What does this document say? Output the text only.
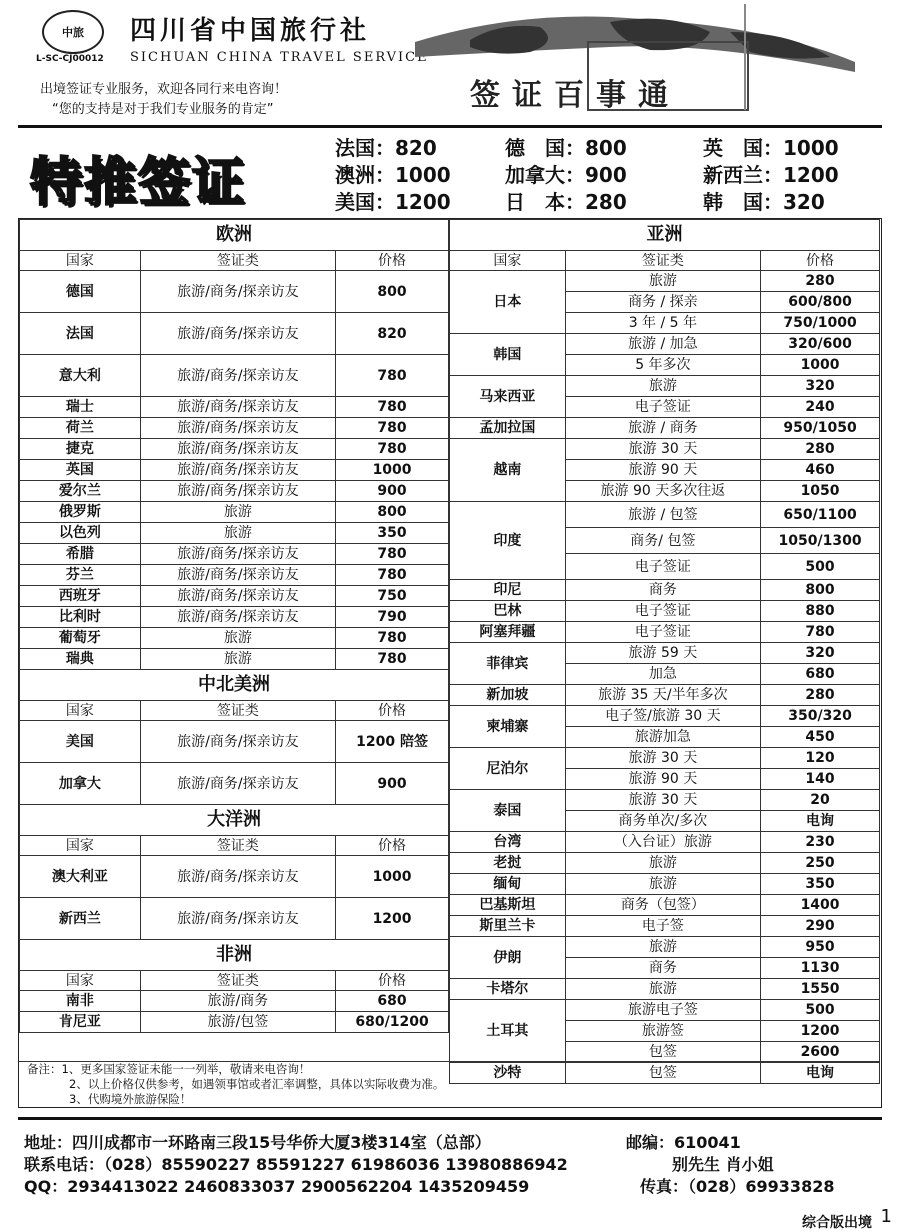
中旅
L-SC-CJ00012
四川省中国旅行社
SICHUAN CHINA TRAVEL SERVICE
出境签证专业服务，欢迎各同行来电咨询！
“您的支持是对于我们专业服务的肯定”	签证百事通
特推签证
法国：820	德　国：800	英　国：1000
澳洲：1000	加拿大：900	新西兰：1200
美国：1200	日　本：280	韩　国：320
欧洲		
国家	签证类	价格
德国	旅游/商务/探亲访友	800
法国	旅游/商务/探亲访友	820
意大利	旅游/商务/探亲访友	780
瑞士	旅游/商务/探亲访友	780
荷兰	旅游/商务/探亲访友	780
捷克	旅游/商务/探亲访友	780
英国	旅游/商务/探亲访友	1000
爱尔兰	旅游/商务/探亲访友	900
俄罗斯	旅游	800
以色列	旅游	350
希腊	旅游/商务/探亲访友	780
芬兰	旅游/商务/探亲访友	780
西班牙	旅游/商务/探亲访友	750
比利时	旅游/商务/探亲访友	790
葡萄牙	旅游	780
瑞典	旅游	780
中北美洲		
国家	签证类	价格
美国	旅游/商务/探亲访友	1200 陪签
加拿大	旅游/商务/探亲访友	900
大洋洲		
国家	签证类	价格
澳大利亚	旅游/商务/探亲访友	1000
新西兰	旅游/商务/探亲访友	1200
非洲		
国家	签证类	价格
南非	旅游/商务	680
肯尼亚	旅游/包签	680/1200
亚洲		
国家	签证类	价格
日本	旅游	280
	商务 / 探亲	600/800
	3 年 / 5 年	750/1000
韩国	旅游 / 加急	320/600
	5 年多次	1000
马来西亚	旅游	320
	电子签证	240
孟加拉国	旅游 / 商务	950/1050
越南	旅游 30 天	280
	旅游 90 天	460
	旅游 90 天多次往返	1050
印度	旅游 / 包签	650/1100
	商务/ 包签	1050/1300
	电子签证	500
印尼	商务	800
巴林	电子签证	880
阿塞拜疆	电子签证	780
菲律宾	旅游 59 天	320
	加急	680
新加坡	旅游 35 天/半年多次	280
柬埔寨	电子签/旅游 30 天	350/320
	旅游加急	450
尼泊尔	旅游 30 天	120
	旅游 90 天	140
泰国	旅游 30 天	20
	商务单次/多次	电询
台湾	（入台证）旅游	230
老挝	旅游	250
缅甸	旅游	350
巴基斯坦	商务（包签）	1400
斯里兰卡	电子签	290
伊朗	旅游	950
	商务	1130
卡塔尔	旅游	1550
土耳其	旅游电子签	500
	旅游签	1200
	包签	2600
沙特	包签	电询
备注：1、更多国家签证未能一一列举，敬请来电咨询！
2、以上价格仅供参考，如遇领事馆或者汇率调整，具体以实际收费为准。
3、代购境外旅游保险！
地址：四川成都市一环路南三段15号华侨大厦3楼314室（总部）	邮编：610041
联系电话：（028）85590227 85591227 61986036 13980886942	别先生 肖小姐
QQ：2934413022 2460833037 2900562204 1435209459	传真：（028）69933828
综合版出境 1
